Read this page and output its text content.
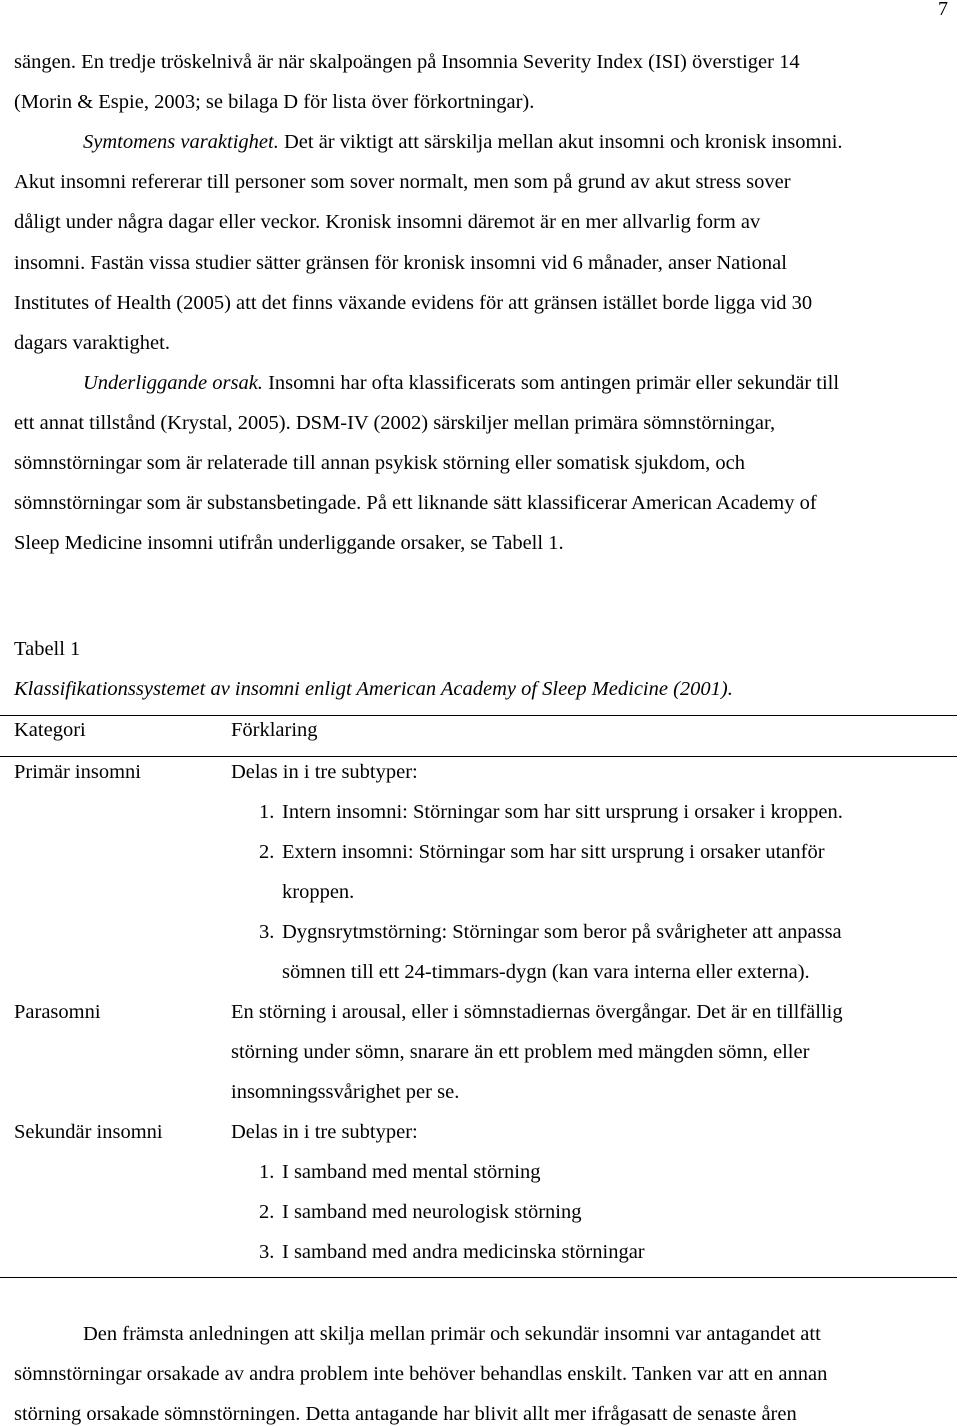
7
sängen. En tredje tröskelnivå är när skalpoängen på Insomnia Severity Index (ISI) överstiger 14
(Morin & Espie, 2003; se bilaga D för lista över förkortningar).
Symtomens varaktighet. Det är viktigt att särskilja mellan akut insomni och kronisk insomni.
Akut insomni refererar till personer som sover normalt, men som på grund av akut stress sover
dåligt under några dagar eller veckor. Kronisk insomni däremot är en mer allvarlig form av
insomni. Fastän vissa studier sätter gränsen för kronisk insomni vid 6 månader, anser National
Institutes of Health (2005) att det finns växande evidens för att gränsen istället borde ligga vid 30
dagars varaktighet.
Underliggande orsak. Insomni har ofta klassificerats som antingen primär eller sekundär till
ett annat tillstånd (Krystal, 2005). DSM-IV (2002) särskiljer mellan primära sömnstörningar,
sömnstörningar som är relaterade till annan psykisk störning eller somatisk sjukdom, och
sömnstörningar som är substansbetingade. På ett liknande sätt klassificerar American Academy of
Sleep Medicine insomni utifrån underliggande orsaker, se Tabell 1.
Tabell 1
Klassifikationssystemet av insomni enligt American Academy of Sleep Medicine (2001).
Kategori	Förklaring
Primär insomni	Delas in i tre subtyper:
1. Intern insomni: Störningar som har sitt ursprung i orsaker i kroppen.
2. Extern insomni: Störningar som har sitt ursprung i orsaker utanför
kroppen.
3. Dygnsrytmstörning: Störningar som beror på svårigheter att anpassa
sömnen till ett 24-timmars-dygn (kan vara interna eller externa).
Parasomni	En störning i arousal, eller i sömnstadiernas övergångar. Det är en tillfällig
störning under sömn, snarare än ett problem med mängden sömn, eller
insomningssvårighet per se.
Sekundär insomni	Delas in i tre subtyper:
1. I samband med mental störning
2. I samband med neurologisk störning
3. I samband med andra medicinska störningar
Den främsta anledningen att skilja mellan primär och sekundär insomni var antagandet att
sömnstörningar orsakade av andra problem inte behöver behandlas enskilt. Tanken var att en annan
störning orsakade sömnstörningen. Detta antagande har blivit allt mer ifrågasatt de senaste åren
